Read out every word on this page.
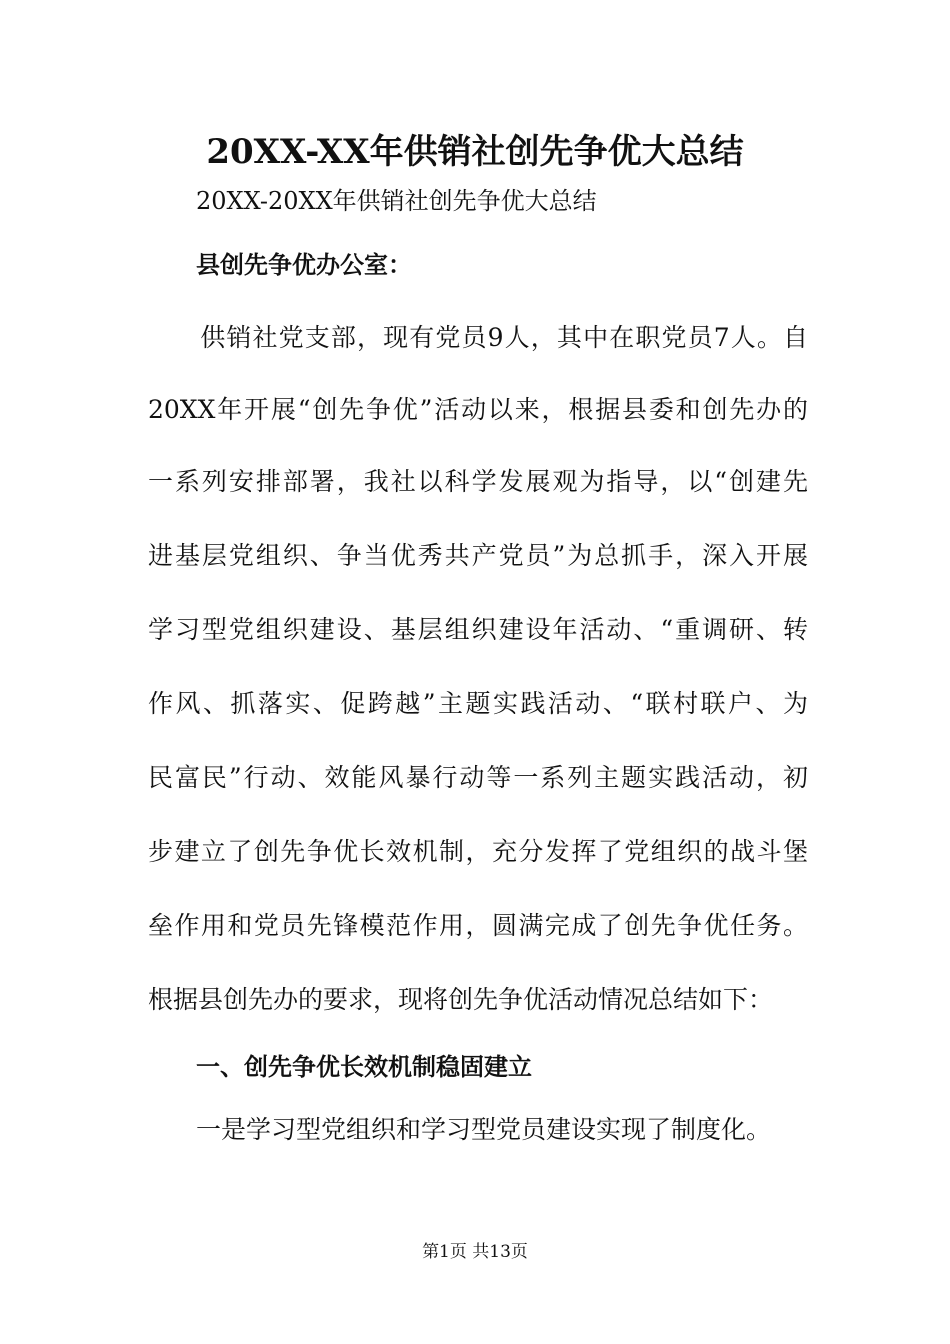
20XX-XX年供销社创先争优大总结

20XX-20XX年供销社创先争优大总结

县创先争优办公室：

　　供销社党支部，现有党员9人，其中在职党员7人。自

20XX年开展“创先争优”活动以来，根据县委和创先办的

一系列安排部署，我社以科学发展观为指导，以“创建先

进基层党组织、争当优秀共产党员”为总抓手，深入开展

学习型党组织建设、基层组织建设年活动、“重调研、转

作风、抓落实、促跨越”主题实践活动、“联村联户、为

民富民”行动、效能风暴行动等一系列主题实践活动，初

步建立了创先争优长效机制，充分发挥了党组织的战斗堡

垒作用和党员先锋模范作用，圆满完成了创先争优任务。

根据县创先办的要求，现将创先争优活动情况总结如下：

一、创先争优长效机制稳固建立

一是学习型党组织和学习型党员建设实现了制度化。

第1页 共13页
